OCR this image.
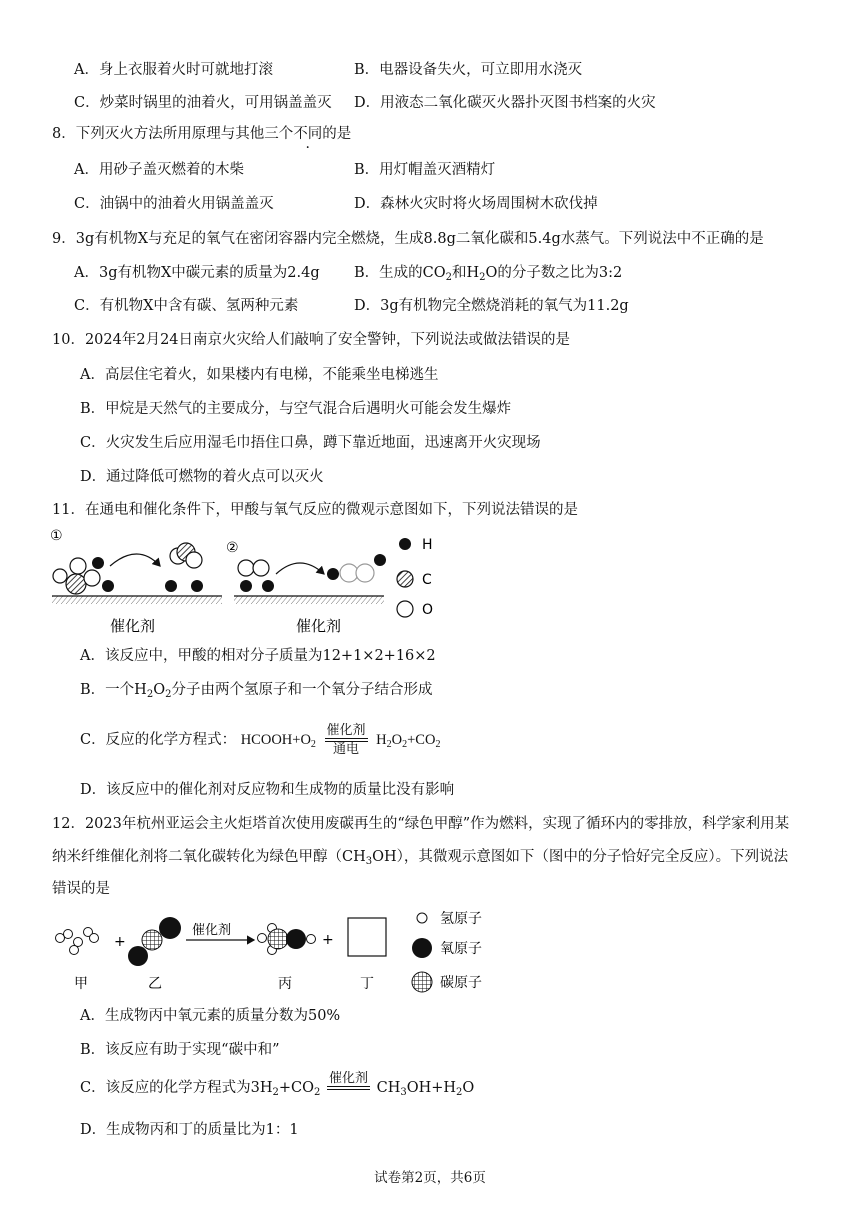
A．身上衣服着火时可就地打滚	B．电器设备失火，可立即用水浇灭
C．炒菜时锅里的油着火，可用锅盖盖灭 D．用液态二氧化碳灭火器扑灭图书档案的火灾
8．下列灭火方法所用原理与其他三个不同的是
A．用砂子盖灭燃着的木柴	B．用灯帽盖灭酒精灯
C．油锅中的油着火用锅盖盖灭	D．森林火灾时将火场周围树木砍伐掉
9．3g有机物X与充足的氧气在密闭容器内完全燃烧，生成8.8g二氧化碳和5.4g水蒸气。下列说法中不正确的是
A．3g有机物X中碳元素的质量为2.4g B．生成的$CO_2$和$H_2O$的分子数之比为3:2
C．有机物X中含有碳、氢两种元素	D．3g有机物完全燃烧消耗的氧气为11.2g
10．2024年2月24日南京火灾给人们敲响了安全警钟，下列说法或做法错误的是
A．高层住宅着火，如果楼内有电梯，不能乘坐电梯逃生
B．甲烷是天然气的主要成分，与空气混合后遇明火可能会发生爆炸
C．火灾发生后应用湿毛巾捂住口鼻，蹲下靠近地面，迅速离开火灾现场
D．通过降低可燃物的着火点可以灭火
11．在通电和催化条件下，甲酸与氧气反应的微观示意图如下，下列说法错误的是
①
②
催化剂	催化剂
H
C
O
A．该反应中，甲酸的相对分子质量为12+1×2+16×2
B．一个$H_2O_2$分子由两个氢原子和一个氧分子结合形成
C．反应的化学方程式： $HCOOH+O_2 \frac{\text{催化剂}}{\text{通电}} H_2O_2+CO_2$
D．该反应中的催化剂对反应物和生成物的质量比没有影响
12．2023年杭州亚运会主火炬塔首次使用废碳再生的“绿色甲醇”作为燃料，实现了循环内的零排放，科学家利用某
纳米纤维催化剂将二氧化碳转化为绿色甲醇$(CH_3OH)$，其微观示意图如下（图中的分子恰好完全反应）。下列说法
错误的是
甲
+
乙
催化剂
丙
+
丁
氢原子
氧原子
碳原子
A．生成物丙中氧元素的质量分数为50%
B．该反应有助于实现“碳中和”
C．该反应的化学方程式为$3H_2+CO_2$
催化剂
$CH_3OH+H_2O$
D．生成物丙和丁的质量比为1：1
试卷第2页，共6页
